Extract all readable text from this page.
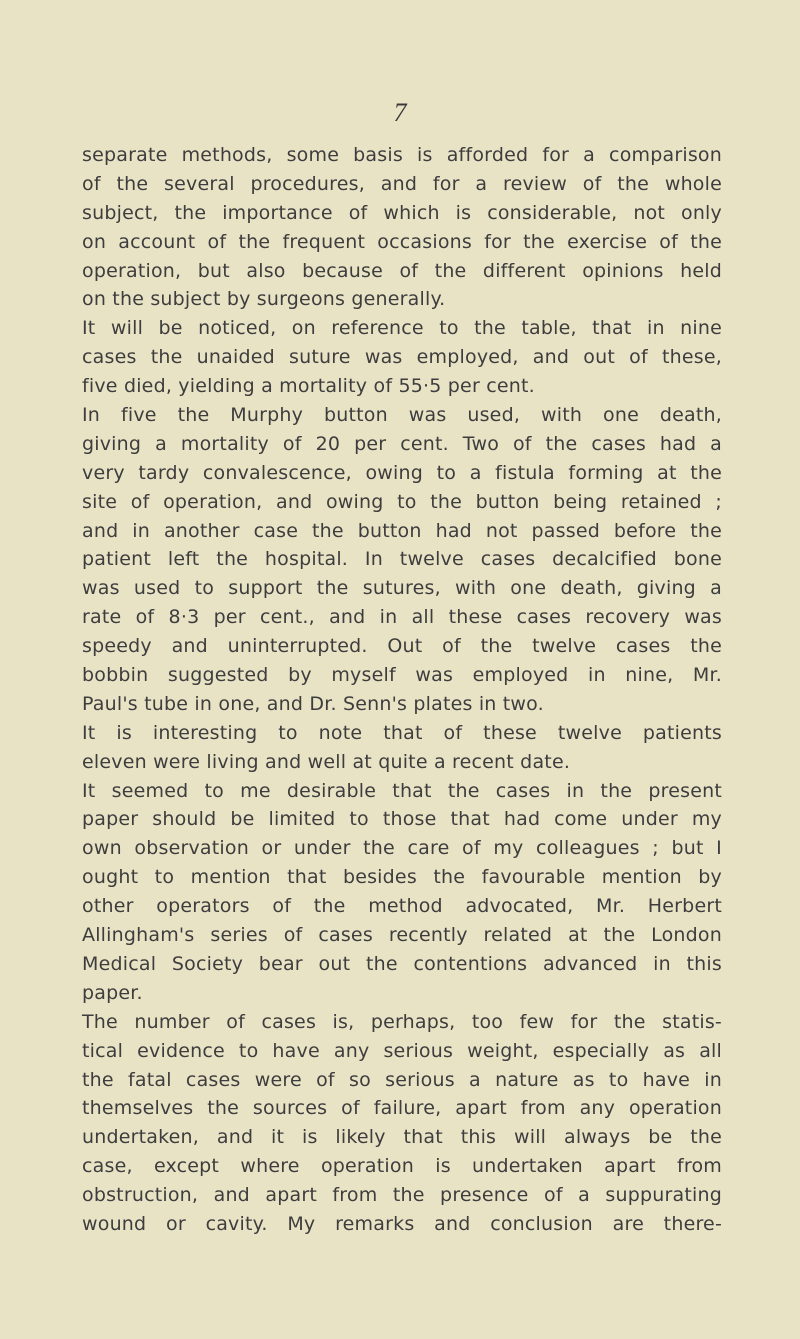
7
separate methods, some basis is afforded for a comparison
of the several procedures, and for a review of the whole
subject, the importance of which is considerable, not only
on account of the frequent occasions for the exercise of the
operation, but also because of the different opinions held
on the subject by surgeons generally.
It will be noticed, on reference to the table, that in nine
cases the unaided suture was employed, and out of these,
five died, yielding a mortality of 55·5 per cent.
In five the Murphy button was used, with one death,
giving a mortality of 20 per cent. Two of the cases had a
very tardy convalescence, owing to a fistula forming at the
site of operation, and owing to the button being retained ;
and in another case the button had not passed before the
patient left the hospital. In twelve cases decalcified bone
was used to support the sutures, with one death, giving a
rate of 8·3 per cent., and in all these cases recovery was
speedy and uninterrupted. Out of the twelve cases the
bobbin suggested by myself was employed in nine, Mr.
Paul's tube in one, and Dr. Senn's plates in two.
It is interesting to note that of these twelve patients
eleven were living and well at quite a recent date.
It seemed to me desirable that the cases in the present
paper should be limited to those that had come under my
own observation or under the care of my colleagues ; but I
ought to mention that besides the favourable mention by
other operators of the method advocated, Mr. Herbert
Allingham's series of cases recently related at the London
Medical Society bear out the contentions advanced in this
paper.
The number of cases is, perhaps, too few for the statis-
tical evidence to have any serious weight, especially as all
the fatal cases were of so serious a nature as to have in
themselves the sources of failure, apart from any operation
undertaken, and it is likely that this will always be the
case, except where operation is undertaken apart from
obstruction, and apart from the presence of a suppurating
wound or cavity. My remarks and conclusion are there-
